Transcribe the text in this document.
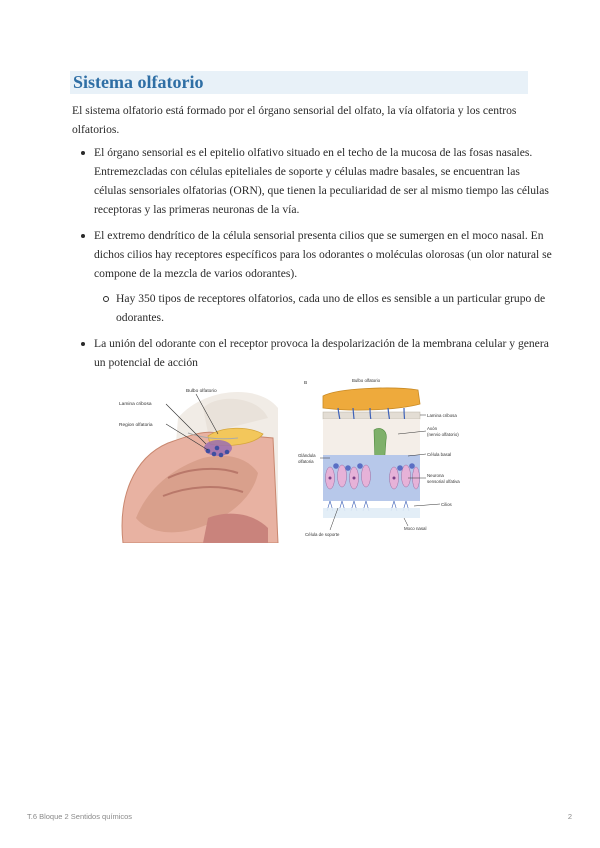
Sistema olfatorio

El sistema olfatorio está formado por el órgano sensorial del olfato, la vía olfatoria y los centros olfatorios.

El órgano sensorial es el epitelio olfativo situado en el techo de la mucosa de las fosas nasales. Entremezcladas con células epiteliales de soporte y células madre basales, se encuentran las células sensoriales olfatorias (ORN), que tienen la peculiaridad de ser al mismo tiempo las células receptoras y las primeras neuronas de la vía.
El extremo dendrítico de la célula sensorial presenta cilios que se sumergen en el moco nasal. En dichos cilios hay receptores específicos para los odorantes o moléculas olorosas (un olor natural se compone de la mezcla de varios odorantes).
Hay 350 tipos de receptores olfatorios, cada uno de ellos es sensible a un particular grupo de odorantes.
La unión del odorante con el receptor provoca la despolarización de la membrana celular y genera un potencial de acción
Bulbo olfatorio
Lamina cribosa
Region olfatoria
B
Bulbo olfatorio
Lamina cribosa
Axón
(nervio olfatorio)
Célula basal
Neurona
sensorial olfativa
Cilios
Moco nasal
Glándula
olfatoria
Célula de soporte
T.6 Bloque 2 Sentidos químicos	2
